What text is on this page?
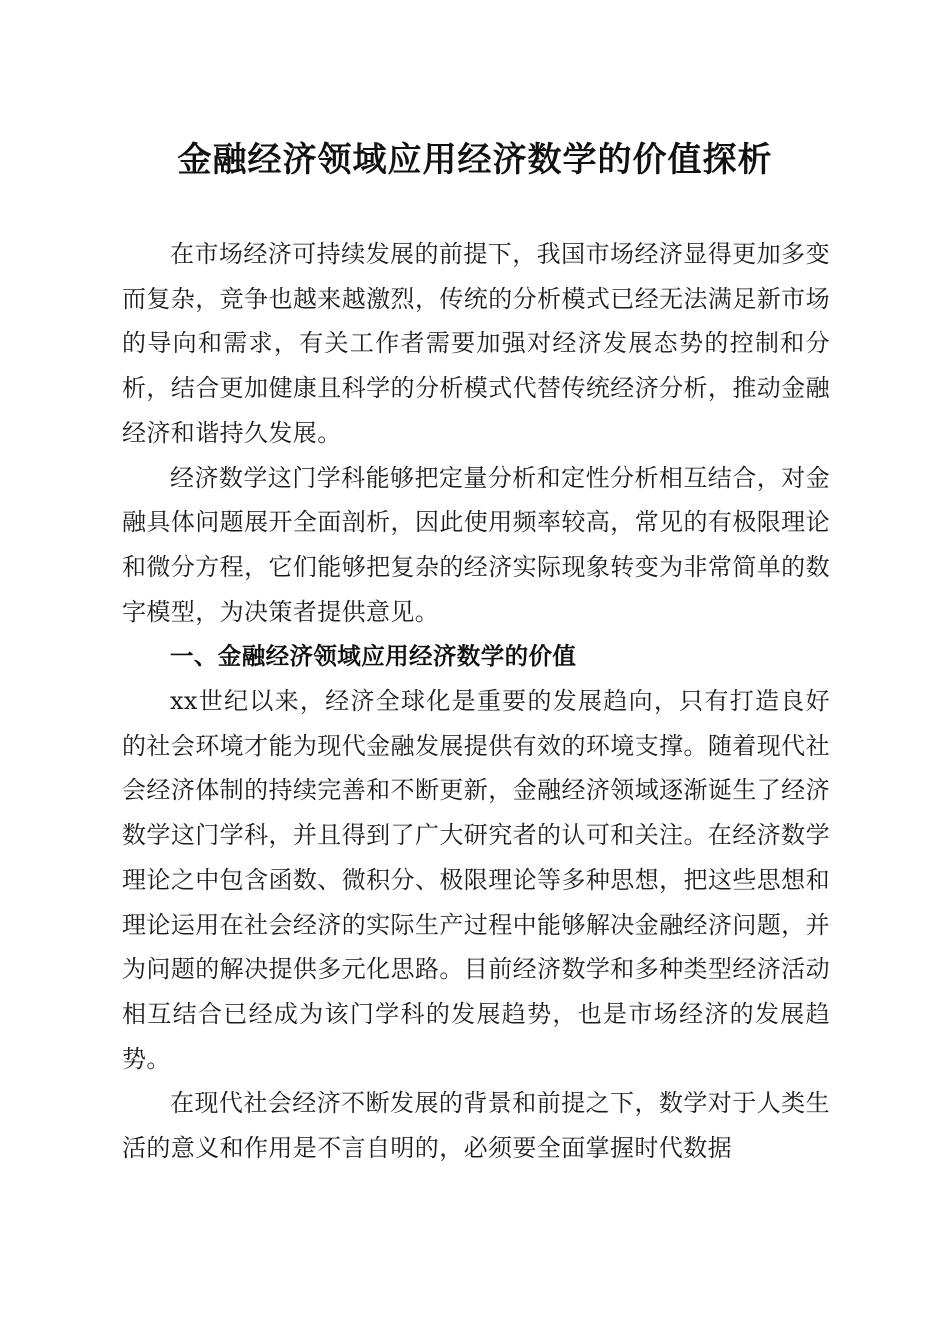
金融经济领域应用经济数学的价值探析

在市场经济可持续发展的前提下，我国市场经济显得更加多变而复杂，竞争也越来越激烈，传统的分析模式已经无法满足新市场的导向和需求，有关工作者需要加强对经济发展态势的控制和分析，结合更加健康且科学的分析模式代替传统经济分析，推动金融经济和谐持久发展。

经济数学这门学科能够把定量分析和定性分析相互结合，对金融具体问题展开全面剖析，因此使用频率较高，常见的有极限理论和微分方程，它们能够把复杂的经济实际现象转变为非常简单的数字模型，为决策者提供意见。

一、金融经济领域应用经济数学的价值

xx世纪以来，经济全球化是重要的发展趋向，只有打造良好的社会环境才能为现代金融发展提供有效的环境支撑。随着现代社会经济体制的持续完善和不断更新，金融经济领域逐渐诞生了经济数学这门学科，并且得到了广大研究者的认可和关注。在经济数学理论之中包含函数、微积分、极限理论等多种思想，把这些思想和理论运用在社会经济的实际生产过程中能够解决金融经济问题，并为问题的解决提供多元化思路。目前经济数学和多种类型经济活动相互结合已经成为该门学科的发展趋势，也是市场经济的发展趋势。

在现代社会经济不断发展的背景和前提之下，数学对于人类生活的意义和作用是不言自明的，必须要全面掌握时代数据
